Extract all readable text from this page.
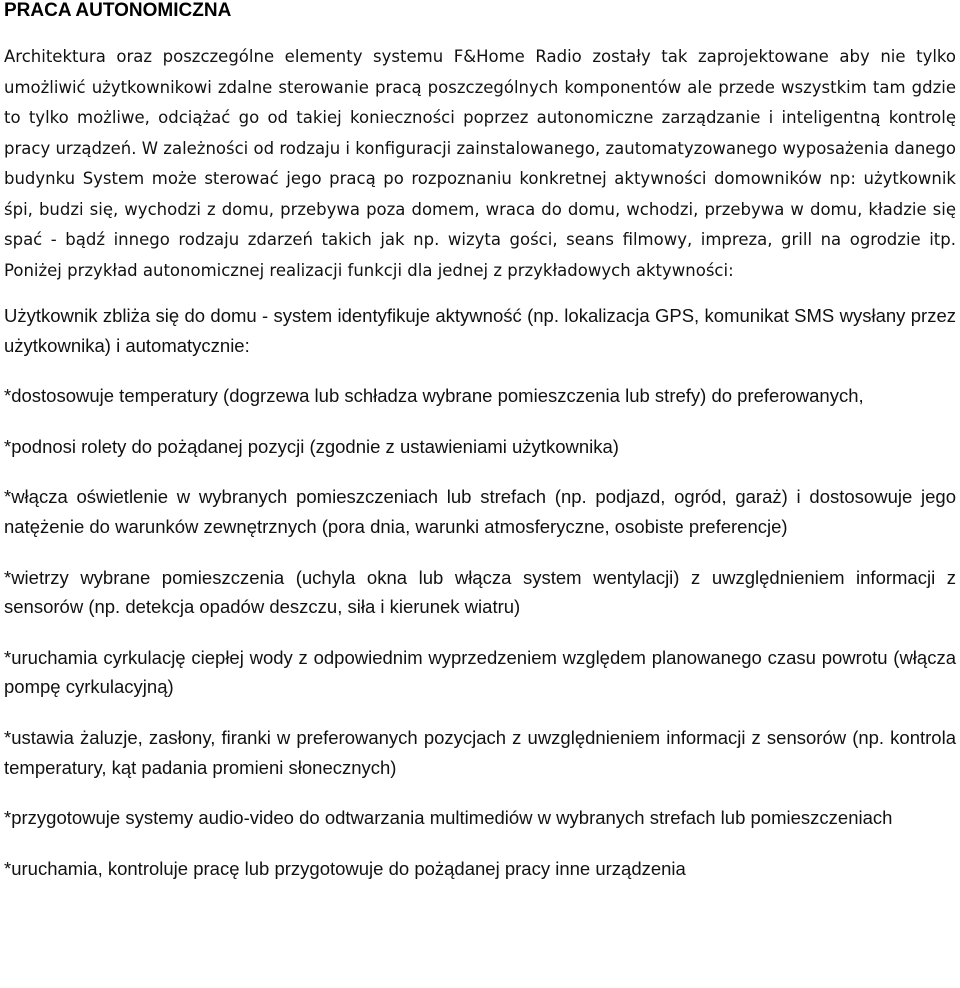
PRACA AUTONOMICZNA

Architektura oraz poszczególne elementy systemu F&Home Radio zostały tak zaprojektowane aby nie tylko umożliwić użytkownikowi zdalne sterowanie pracą poszczególnych komponentów ale przede wszystkim tam gdzie to tylko możliwe, odciążać go od takiej konieczności poprzez autonomiczne zarządzanie i inteligentną kontrolę pracy urządzeń. W zależności od rodzaju i konfiguracji zainstalowanego, zautomatyzowanego wyposażenia danego budynku System może sterować jego pracą po rozpoznaniu konkretnej aktywności domowników np: użytkownik śpi, budzi się, wychodzi z domu, przebywa poza domem, wraca do domu, wchodzi, przebywa w domu, kładzie się spać - bądź innego rodzaju zdarzeń takich jak np. wizyta gości, seans filmowy, impreza, grill na ogrodzie itp. Poniżej przykład autonomicznej realizacji funkcji dla jednej z przykładowych aktywności:

Użytkownik zbliża się do domu - system identyfikuje aktywność (np. lokalizacja GPS, komunikat SMS wysłany przez użytkownika) i automatycznie:

*dostosowuje temperatury (dogrzewa lub schładza wybrane pomieszczenia lub strefy) do preferowanych,

*podnosi rolety do pożądanej pozycji (zgodnie z ustawieniami użytkownika)

*włącza oświetlenie w wybranych pomieszczeniach lub strefach (np. podjazd, ogród, garaż) i dostosowuje jego natężenie do warunków zewnętrznych (pora dnia, warunki atmosferyczne, osobiste preferencje)

*wietrzy wybrane pomieszczenia (uchyla okna lub włącza system wentylacji) z uwzględnieniem informacji z sensorów (np. detekcja opadów deszczu, siła i kierunek wiatru)

*uruchamia cyrkulację ciepłej wody z odpowiednim wyprzedzeniem względem planowanego czasu powrotu (włącza pompę cyrkulacyjną)

*ustawia żaluzje, zasłony, firanki w preferowanych pozycjach z uwzględnieniem informacji z sensorów (np. kontrola temperatury, kąt padania promieni słonecznych)

*przygotowuje systemy audio-video do odtwarzania multimediów w wybranych strefach lub pomieszczeniach

*uruchamia, kontroluje pracę lub przygotowuje do pożądanej pracy inne urządzenia
